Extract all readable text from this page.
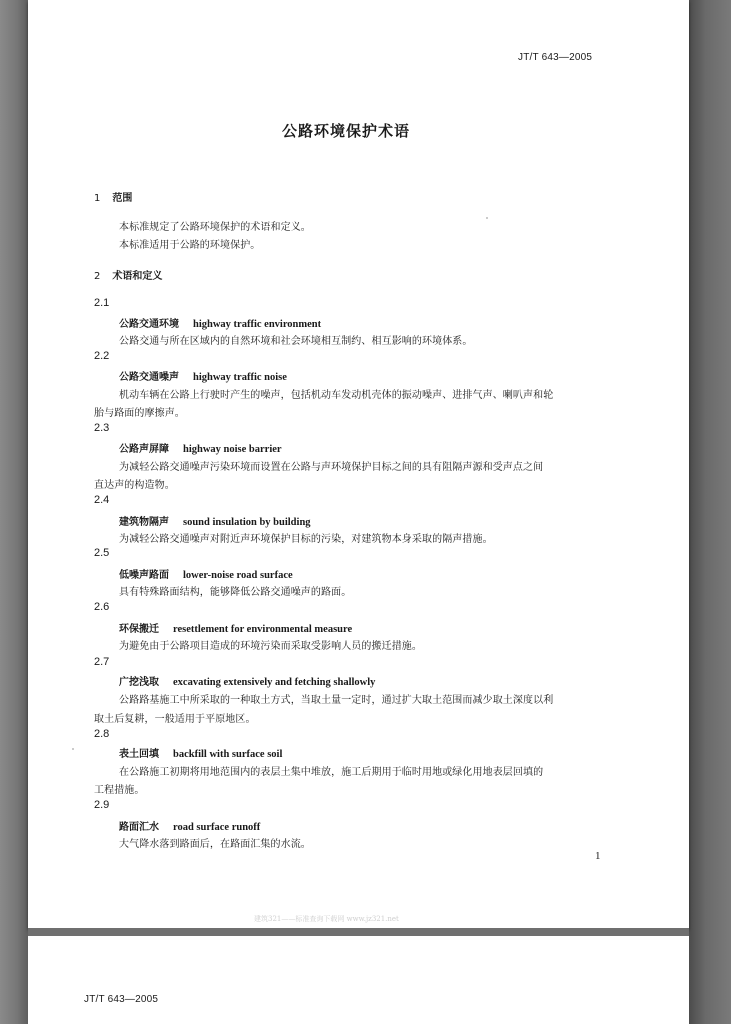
JT/T 643—2005
公路环境保护术语
1 范围
本标准规定了公路环境保护的术语和定义。
本标准适用于公路的环境保护。
2 术语和定义
2.1
公路交通环境 highway traffic environment
公路交通与所在区域内的自然环境和社会环境相互制约、相互影响的环境体系。
2.2
公路交通噪声 highway traffic noise
机动车辆在公路上行驶时产生的噪声，包括机动车发动机壳体的振动噪声、进排气声、喇叭声和轮
胎与路面的摩擦声。
2.3
公路声屏障 highway noise barrier
为减轻公路交通噪声污染环境而设置在公路与声环境保护目标之间的具有阻隔声源和受声点之间
直达声的构造物。
2.4
建筑物隔声 sound insulation by building
为减轻公路交通噪声对附近声环境保护目标的污染，对建筑物本身采取的隔声措施。
2.5
低噪声路面 lower-noise road surface
具有特殊路面结构，能够降低公路交通噪声的路面。
2.6
环保搬迁 resettlement for environmental measure
为避免由于公路项目造成的环境污染而采取受影响人员的搬迁措施。
2.7
广挖浅取 excavating extensively and fetching shallowly
公路路基施工中所采取的一种取土方式，当取土量一定时，通过扩大取土范围而减少取土深度以利
取土后复耕，一般适用于平原地区。
2.8
表土回填 backfill with surface soil
在公路施工初期将用地范围内的表层土集中堆放，施工后期用于临时用地或绿化用地表层回填的
工程措施。
2.9
路面汇水 road surface runoff
大气降水落到路面后，在路面汇集的水流。
1
建筑321——标准查询下载网 www.jz321.net
JT/T 643—2005
